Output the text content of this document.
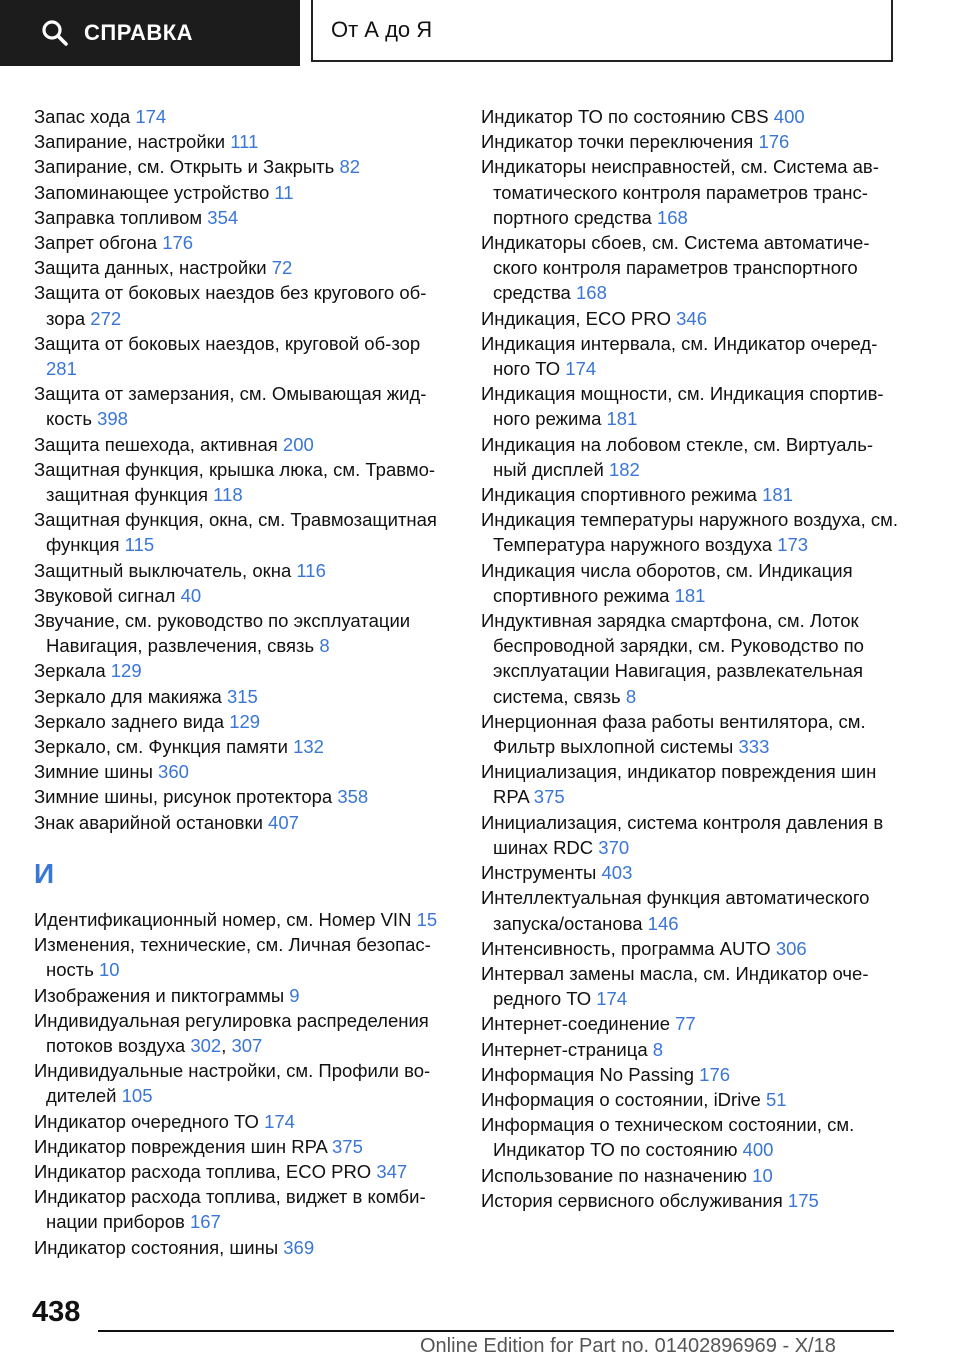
СПРАВКА	От А до Я
Запас хода 174
Запирание, настройки 111
Запирание, см. Открыть и Закрыть 82
Запоминающее устройство 11
Заправка топливом 354
Запрет обгона 176
Защита данных, настройки 72
Защита от боковых наездов без кругового об-зора 272
Защита от боковых наездов, круговой об-зор 281
Защита от замерзания, см. Омывающая жид-кость 398
Защита пешехода, активная 200
Защитная функция, крышка люка, см. Травмо-защитная функция 118
Защитная функция, окна, см. Травмозащитная функция 115
Защитный выключатель, окна 116
Звуковой сигнал 40
Звучание, см. руководство по эксплуатации Навигация, развлечения, связь 8
Зеркала 129
Зеркало для макияжа 315
Зеркало заднего вида 129
Зеркало, см. Функция памяти 132
Зимние шины 360
Зимние шины, рисунок протектора 358
Знак аварийной остановки 407
И
Идентификационный номер, см. Номер VIN 15
Изменения, технические, см. Личная безопас-ность 10
Изображения и пиктограммы 9
Индивидуальная регулировка распределения потоков воздуха 302, 307
Индивидуальные настройки, см. Профили во-дителей 105
Индикатор очередного ТО 174
Индикатор повреждения шин RPA 375
Индикатор расхода топлива, ECO PRO 347
Индикатор расхода топлива, виджет в комби-нации приборов 167
Индикатор состояния, шины 369
Индикатор ТО по состоянию CBS 400
Индикатор точки переключения 176
Индикаторы неисправностей, см. Система ав-томатического контроля параметров транс-портного средства 168
Индикаторы сбоев, см. Система автоматиче-ского контроля параметров транспортного средства 168
Индикация, ECO PRO 346
Индикация интервала, см. Индикатор очеред-ного ТО 174
Индикация мощности, см. Индикация спортив-ного режима 181
Индикация на лобовом стекле, см. Виртуаль-ный дисплей 182
Индикация спортивного режима 181
Индикация температуры наружного воздуха, см. Температура наружного воздуха 173
Индикация числа оборотов, см. Индикация спортивного режима 181
Индуктивная зарядка смартфона, см. Лоток беспроводной зарядки, см. Руководство по эксплуатации Навигация, развлекательная система, связь 8
Инерционная фаза работы вентилятора, см. Фильтр выхлопной системы 333
Инициализация, индикатор повреждения шин RPA 375
Инициализация, система контроля давления в шинах RDC 370
Инструменты 403
Интеллектуальная функция автоматического запуска/останова 146
Интенсивность, программа AUTO 306
Интервал замены масла, см. Индикатор оче-редного ТО 174
Интернет-соединение 77
Интернет-страница 8
Информация No Passing 176
Информация о состоянии, iDrive 51
Информация о техническом состоянии, см. Индикатор ТО по состоянию 400
Использование по назначению 10
История сервисного обслуживания 175
438
Online Edition for Part no. 01402896969 - X/18
